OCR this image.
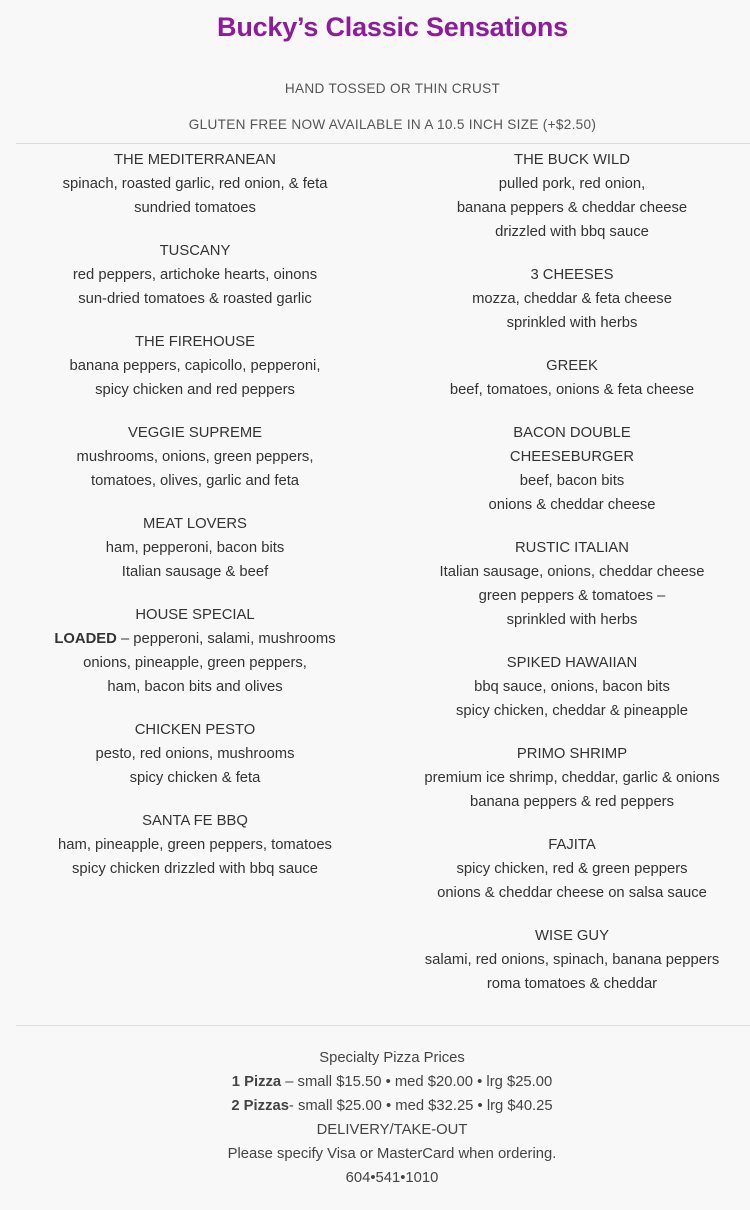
Bucky’s Classic Sensations
HAND TOSSED OR THIN CRUST
GLUTEN FREE NOW AVAILABLE IN A 10.5 INCH SIZE (+$2.50)
THE MEDITERRANEAN
spinach, roasted garlic, red onion, & feta
sundried tomatoes
TUSCANY
red peppers, artichoke hearts, oinons
sun-dried tomatoes & roasted garlic
THE FIREHOUSE
banana peppers, capicollo, pepperoni,
spicy chicken and red peppers
VEGGIE SUPREME
mushrooms, onions, green peppers,
tomatoes, olives, garlic and feta
MEAT LOVERS
ham, pepperoni, bacon bits
Italian sausage & beef
HOUSE SPECIAL
LOADED – pepperoni, salami, mushrooms
onions, pineapple, green peppers,
ham, bacon bits and olives
CHICKEN PESTO
pesto, red onions, mushrooms
spicy chicken & feta
SANTA FE BBQ
ham, pineapple, green peppers, tomatoes
spicy chicken drizzled with bbq sauce
THE BUCK WILD
pulled pork, red onion,
banana peppers & cheddar cheese
drizzled with bbq sauce
3 CHEESES
mozza, cheddar & feta cheese
sprinkled with herbs
GREEK
beef, tomatoes, onions & feta cheese
BACON DOUBLE
CHEESEBURGER
beef, bacon bits
onions & cheddar cheese
RUSTIC ITALIAN
Italian sausage, onions, cheddar cheese
green peppers & tomatoes –
sprinkled with herbs
SPIKED HAWAIIAN
bbq sauce, onions, bacon bits
spicy chicken, cheddar & pineapple
PRIMO SHRIMP
premium ice shrimp, cheddar, garlic & onions
banana peppers & red peppers
FAJITA
spicy chicken, red & green peppers
onions & cheddar cheese on salsa sauce
WISE GUY
salami, red onions, spinach, banana peppers
roma tomatoes & cheddar
Specialty Pizza Prices
1 Pizza – small $15.50 • med $20.00 • lrg $25.00
2 Pizzas- small $25.00 • med $32.25 • lrg $40.25
DELIVERY/TAKE-OUT
Please specify Visa or MasterCard when ordering.
604•541•1010
